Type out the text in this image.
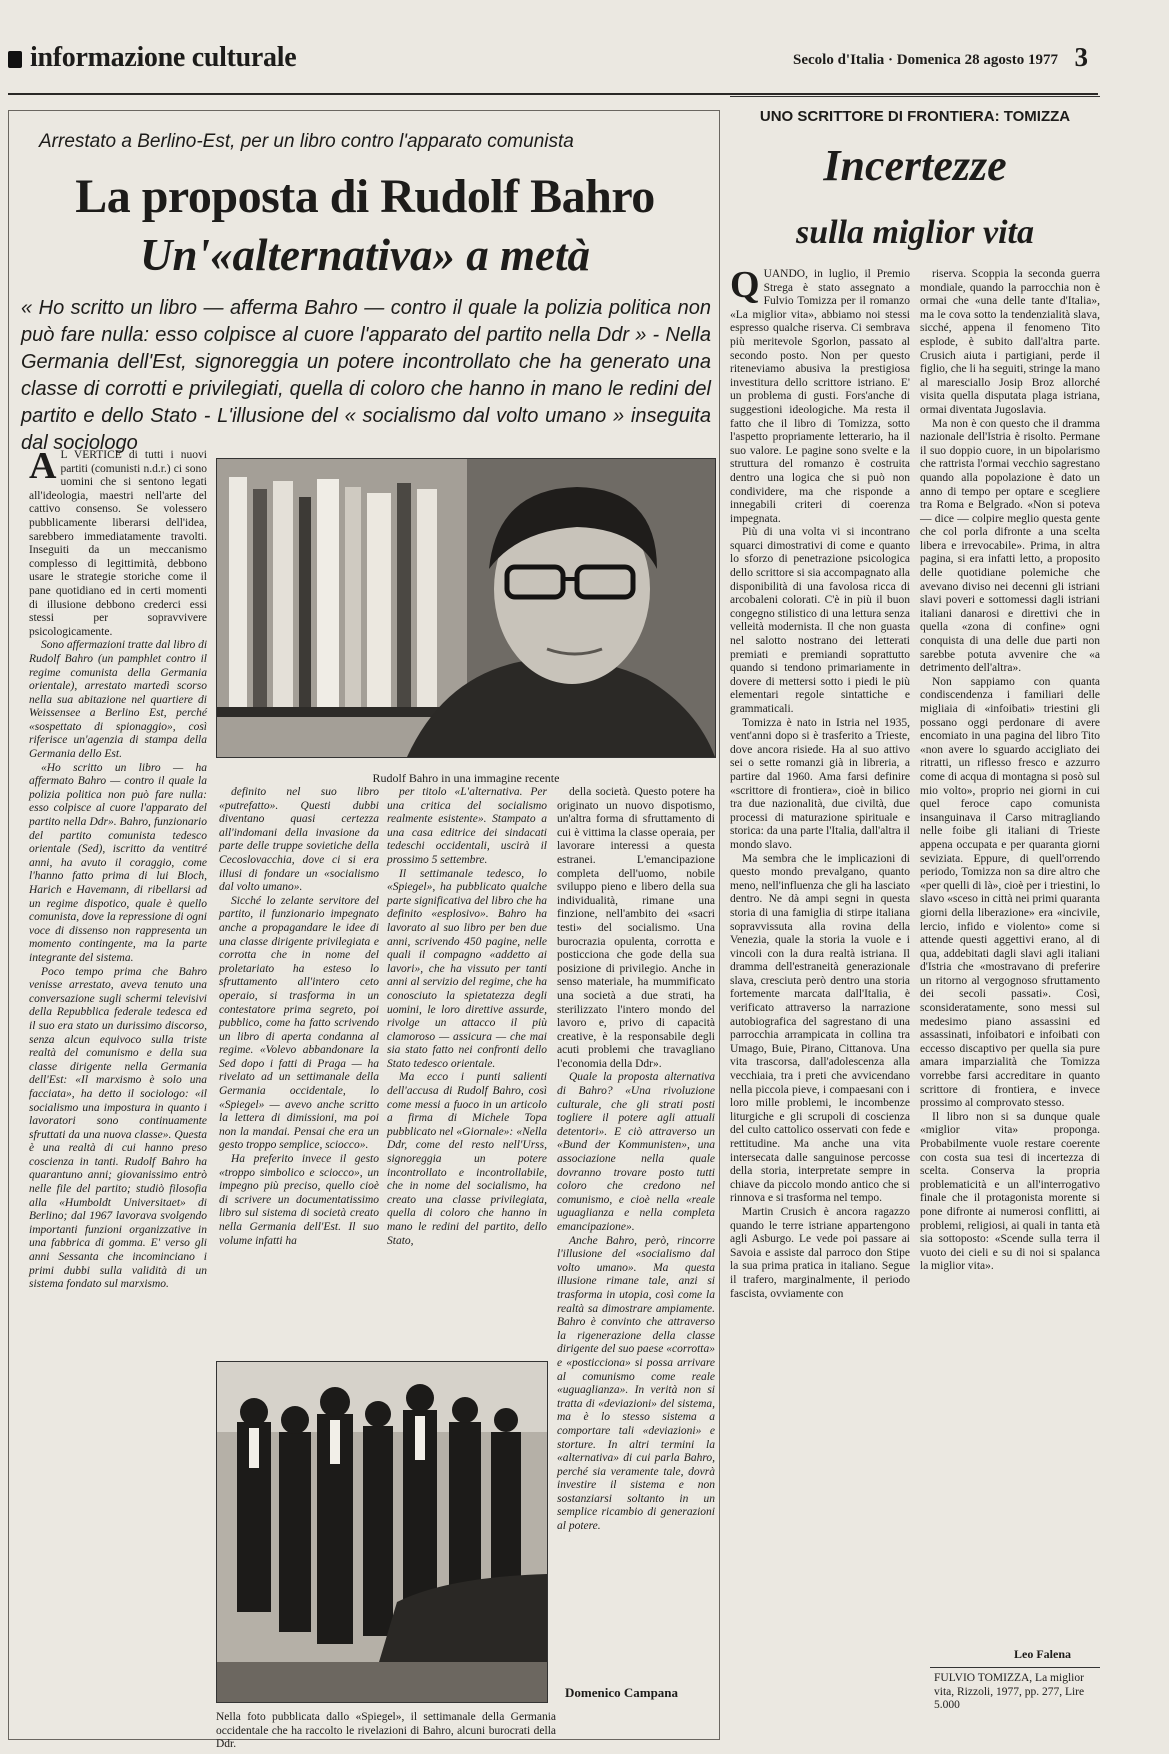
informazione culturale	Secolo d'Italia · Domenica 28 agosto 1977 3
Arrestato a Berlino-Est, per un libro contro l'apparato comunista
La proposta di Rudolf Bahro
Un'«alternativa» a metà
« Ho scritto un libro — afferma Bahro — contro il quale la polizia politica non può fare nulla: esso colpisce al cuore l'apparato del partito nella Ddr » - Nella Germania dell'Est, signoreggia un potere incontrollato che ha generato una classe di corrotti e privilegiati, quella di coloro che hanno in mano le redini del partito e dello Stato - L'illusione del « socialismo dal volto umano » inseguita dal sociologo

AL VERTICE di tutti i nuovi partiti (comunisti n.d.r.) ci sono uomini che si sentono legati all'ideologia, maestri nell'arte del cattivo consenso. Se volessero pubblicamente liberarsi dell'idea, sarebbero immediatamente travolti. Inseguiti da un meccanismo complesso di legittimità, debbono usare le strategie storiche come il pane quotidiano ed in certi momenti di illusione debbono crederci essi stessi per sopravvivere psicologicamente.

Sono affermazioni tratte dal libro di Rudolf Bahro (un pamphlet contro il regime comunista della Germania orientale), arrestato martedì scorso nella sua abitazione nel quartiere di Weissensee a Berlino Est, perché «sospettato di spionaggio», così riferisce un'agenzia di stampa della Germania dello Est.

«Ho scritto un libro — ha affermato Bahro — contro il quale la polizia politica non può fare nulla: esso colpisce al cuore l'apparato del partito nella Ddr». Bahro, funzionario del partito comunista tedesco orientale (Sed), iscritto da ventitré anni, ha avuto il coraggio, come l'hanno fatto prima di lui Bloch, Harich e Havemann, di ribellarsi ad un regime dispotico, quale è quello comunista, dove la repressione di ogni voce di dissenso non rappresenta un momento contingente, ma la parte integrante del sistema.

Poco tempo prima che Bahro venisse arrestato, aveva tenuto una conversazione sugli schermi televisivi della Repubblica federale tedesca ed il suo era stato un durissimo discorso, senza alcun equivoco sulla triste realtà del comunismo e della sua classe dirigente nella Germania dell'Est: «Il marxismo è solo una facciata», ha detto il sociologo: «il socialismo una impostura in quanto i lavoratori sono continuamente sfruttati da una nuova classe». Questa è una realtà di cui hanno preso coscienza in tanti. Rudolf Bahro ha quarantuno anni; giovanissimo entrò nelle file del partito; studiò filosofia alla «Humboldt Universitaet» di Berlino; dal 1967 lavorava svolgendo importanti funzioni organizzative in una fabbrica di gomma. E' verso gli anni Sessanta che incominciano i primi dubbi sulla validità di un sistema fondato sul marxismo.

Rudolf Bahro in una immagine recente

definito nel suo libro «putrefatto». Questi dubbi diventano quasi certezza all'indomani della invasione da parte delle truppe sovietiche della Cecoslovacchia, dove ci si era illusi di fondare un «socialismo dal volto umano».

Sicché lo zelante servitore del partito, il funzionario impegnato anche a propagandare le idee di una classe dirigente privilegiata e corrotta che in nome del proletariato ha esteso lo sfruttamento all'intero ceto operaio, si trasforma in un contestatore prima segreto, poi pubblico, come ha fatto scrivendo un libro di aperta condanna al regime. «Volevo abbandonare la Sed dopo i fatti di Praga — ha rivelato ad un settimanale della Germania occidentale, lo «Spiegel» — avevo anche scritto la lettera di dimissioni, ma poi non la mandai. Pensai che era un gesto troppo semplice, sciocco».

Ha preferito invece il gesto «troppo simbolico e sciocco», un impegno più preciso, quello cioè di scrivere un documentatissimo libro sul sistema di società creato nella Germania dell'Est. Il suo volume infatti ha

per titolo «L'alternativa. Per una critica del socialismo realmente esistente». Stampato a una casa editrice dei sindacati tedeschi occidentali, uscirà il prossimo 5 settembre.

Il settimanale tedesco, lo «Spiegel», ha pubblicato qualche parte significativa del libro che ha definito «esplosivo». Bahro ha lavorato al suo libro per ben due anni, scrivendo 450 pagine, nelle quali il compagno «addetto ai lavori», che ha vissuto per tanti anni al servizio del regime, che ha conosciuto la spietatezza degli uomini, le loro direttive assurde, rivolge un attacco il più clamoroso — assicura — che mai sia stato fatto nei confronti dello Stato tedesco orientale.

Ma ecco i punti salienti dell'accusa di Rudolf Bahro, così come messi a fuoco in un articolo a firma di Michele Topa pubblicato nel «Giornale»: «Nella Ddr, come del resto nell'Urss, signoreggia un potere incontrollato e incontrollabile, che in nome del socialismo, ha creato una classe privilegiata, quella di coloro che hanno in mano le redini del partito, dello Stato,

della società. Questo potere ha originato un nuovo dispotismo, un'altra forma di sfruttamento di cui è vittima la classe operaia, per lavorare interessi a questa estranei. L'emancipazione completa dell'uomo, nobile sviluppo pieno e libero della sua individualità, rimane una finzione, nell'ambito dei «sacri testi» del socialismo. Una burocrazia opulenta, corrotta e posticciona che gode della sua posizione di privilegio. Anche in senso materiale, ha mummificato una società a due strati, ha sterilizzato l'intero mondo del lavoro e, privo di capacità creative, è la responsabile degli acuti problemi che travagliano l'economia della Ddr».

Quale la proposta alternativa di Bahro? «Una rivoluzione culturale, che gli strati posti togliere il potere agli attuali detentori». E ciò attraverso un «Bund der Kommunisten», una associazione nella quale dovranno trovare posto tutti coloro che credono nel comunismo, e cioè nella «reale uguaglianza e nella completa emancipazione».

Anche Bahro, però, rincorre l'illusione del «socialismo dal volto umano». Ma questa illusione rimane tale, anzi si trasforma in utopia, così come la realtà sa dimostrare ampiamente. Bahro è convinto che attraverso la rigenerazione della classe dirigente del suo paese «corrotta» e «posticciona» si possa arrivare al comunismo come reale «uguaglianza». In verità non si tratta di «deviazioni» del sistema, ma è lo stesso sistema a comportare tali «deviazioni» e storture. In altri termini la «alternativa» di cui parla Bahro, perché sia veramente tale, dovrà investire il sistema e non sostanziarsi soltanto in un semplice ricambio di generazioni al potere.

Domenico Campana
Nella foto pubblicata dallo «Spiegel», il settimanale della Germania occidentale che ha raccolto le rivelazioni di Bahro, alcuni burocrati della Ddr.
UNO SCRITTORE DI FRONTIERA: TOMIZZA
Incertezze
sulla miglior vita

QUANDO, in luglio, il Premio Strega è stato assegnato a Fulvio Tomizza per il romanzo «La miglior vita», abbiamo noi stessi espresso qualche riserva. Ci sembrava più meritevole Sgorlon, passato al secondo posto. Non per questo riteneviamo abusiva la prestigiosa investitura dello scrittore istriano. E' un problema di gusti. Fors'anche di suggestioni ideologiche. Ma resta il fatto che il libro di Tomizza, sotto l'aspetto propriamente letterario, ha il suo valore. Le pagine sono svelte e la struttura del romanzo è costruita dentro una logica che si può non condividere, ma che risponde a innegabili criteri di coerenza impegnata.

Più di una volta vi si incontrano squarci dimostrativi di come e quanto lo sforzo di penetrazione psicologica dello scrittore si sia accompagnato alla disponibilità di una favolosa ricca di arcobaleni colorati. C'è in più il buon congegno stilistico di una lettura senza velleità modernista. Il che non guasta nel salotto nostrano dei letterati premiati e premiandi soprattutto quando si tendono primariamente in dovere di mettersi sotto i piedi le più elementari regole sintattiche e grammaticali.

Tomizza è nato in Istria nel 1935, vent'anni dopo si è trasferito a Trieste, dove ancora risiede. Ha al suo attivo sei o sette romanzi già in libreria, a partire dal 1960. Ama farsi definire «scrittore di frontiera», cioè in bilico tra due nazionalità, due civiltà, due processi di maturazione spirituale e storica: da una parte l'Italia, dall'altra il mondo slavo.

Ma sembra che le implicazioni di questo mondo prevalgano, quanto meno, nell'influenza che gli ha lasciato dentro. Ne dà ampi segni in questa storia di una famiglia di stirpe italiana sopravvissuta alla rovina della Venezia, quale la storia la vuole e i vincoli con la dura realtà istriana. Il dramma dell'estraneità generazionale slava, cresciuta però dentro una storia fortemente marcata dall'Italia, è verificato attraverso la narrazione autobiografica del sagrestano di una parrocchia arrampicata in collina tra Umago, Buie, Pirano, Cittanova. Una vita trascorsa, dall'adolescenza alla vecchiaia, tra i preti che avvicendano nella piccola pieve, i compaesani con i loro mille problemi, le incombenze liturgiche e gli scrupoli di coscienza del culto cattolico osservati con fede e rettitudine. Ma anche una vita intersecata dalle sanguinose percosse della storia, interpretate sempre in chiave da piccolo mondo antico che si rinnova e si trasforma nel tempo.

Martin Crusich è ancora ragazzo quando le terre istriane appartengono agli Asburgo. Le vede poi passare ai Savoia e assiste dal parroco don Stipe la sua prima pratica in italiano. Segue il trafero, marginalmente, il periodo fascista, ovviamente con

riserva. Scoppia la seconda guerra mondiale, quando la parrocchia non è ormai che «una delle tante d'Italia», ma le cova sotto la tendenzialità slava, sicché, appena il fenomeno Tito esplode, è subito dall'altra parte. Crusich aiuta i partigiani, perde il figlio, che li ha seguiti, stringe la mano al maresciallo Josip Broz allorché visita quella disputata plaga istriana, ormai diventata Jugoslavia.

Ma non è con questo che il dramma nazionale dell'Istria è risolto. Permane il suo doppio cuore, in un bipolarismo che rattrista l'ormai vecchio sagrestano quando alla popolazione è dato un anno di tempo per optare e scegliere tra Roma e Belgrado. «Non si poteva — dice — colpire meglio questa gente che col porla difronte a una scelta libera e irrevocabile». Prima, in altra pagina, si era infatti letto, a proposito delle quotidiane polemiche che avevano diviso nei decenni gli istriani slavi poveri e sottomessi dagli istriani italiani danarosi e direttivi che in quella «zona di confine» ogni conquista di una delle due parti non sarebbe potuta avvenire che «a detrimento dell'altra».

Non sappiamo con quanta condiscendenza i familiari delle migliaia di «infoibati» triestini gli possano oggi perdonare di avere encomiato in una pagina del libro Tito «non avere lo sguardo accigliato dei ritratti, un riflesso fresco e azzurro come di acqua di montagna si posò sul mio volto», proprio nei giorni in cui quel feroce capo comunista insanguinava il Carso mitragliando nelle foibe gli italiani di Trieste appena occupata e per quaranta giorni seviziata. Eppure, di quell'orrendo periodo, Tomizza non sa dire altro che «per quelli di là», cioè per i triestini, lo slavo «sceso in città nei primi quaranta giorni della liberazione» era «incivile, lercio, infido e violento» come si attende questi aggettivi erano, al di qua, addebitati dagli slavi agli italiani d'Istria che «mostravano di preferire un ritorno al vergognoso sfruttamento dei secoli passati». Così, sconsideratamente, sono messi sul medesimo piano assassini ed assassinati, infoibatori e infoibati con eccesso discaptivo per quella sia pure amara imparzialità che Tomizza vorrebbe farsi accreditare in quanto scrittore di frontiera, e invece prossimo al comprovato stesso.

Il libro non si sa dunque quale «miglior vita» proponga. Probabilmente vuole restare coerente con costa sua tesi di incertezza di scelta. Conserva la propria problematicità e un all'interrogativo finale che il protagonista morente si pone difronte ai numerosi conflitti, ai problemi, religiosi, ai quali in tanta età sia sottoposto: «Scende sulla terra il vuoto dei cieli e su di noi si spalanca la miglior vita».

Leo Falena
FULVIO TOMIZZA, La miglior vita, Rizzoli, 1977, pp. 277, Lire 5.000
